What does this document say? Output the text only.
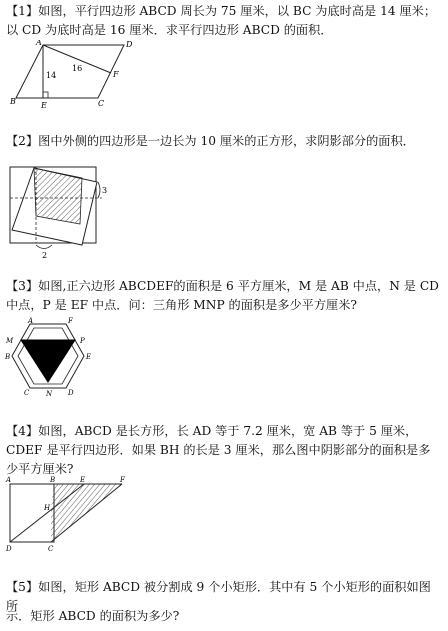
【1】如图，平行四边形 ABCD 周长为 75 厘米，以 BC 为底时高是 14 厘米；以 CD 为底时高是 16 厘米．求平行四边形 ABCD 的面积．

A
B	C
D
E
F
14
16

【2】图中外侧的四边形是一边长为 10 厘米的正方形，求阴影部分的面积．

3
2

【3】如图,正六边形 ABCDEF的面积是 6 平方厘米，M 是 AB 中点，N 是 CD 中点，P 是 EF 中点．问：三角形 MNP 的面积是多少平方厘米?

A	F
M	P
B	E
C N D

【4】如图，ABCD 是长方形，长 AD 等于 7.2 厘米，宽 AB 等于 5 厘米，CDEF 是平行四边形．如果 BH 的长是 3 厘米，那么图中阴影部分的面积是多少平方厘米?

A	B	E	F
H
D	C

【5】如图，矩形 ABCD 被分割成 9 个小矩形．其中有 5 个小矩形的面积如图所

示．矩形 ABCD 的面积为多少?
